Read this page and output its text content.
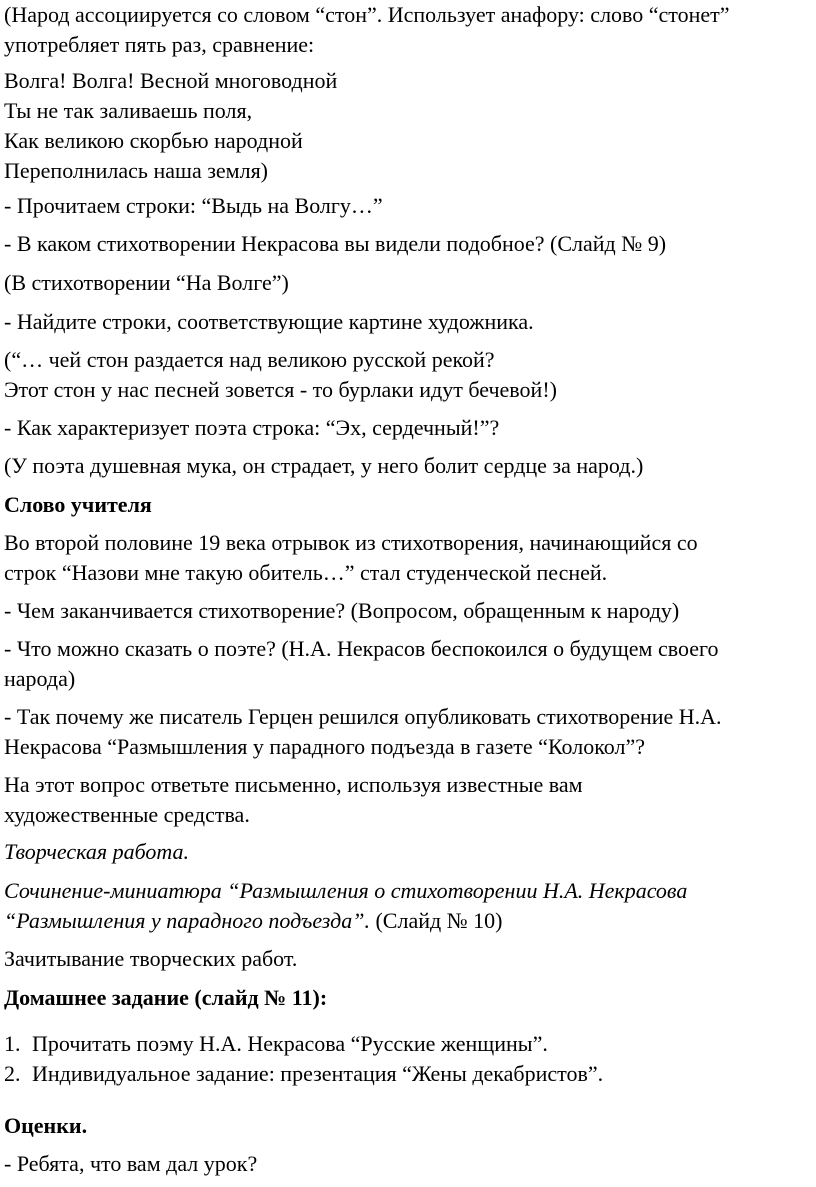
(Народ ассоциируется со словом “стон”. Использует анафору: слово “стонет”
употребляет пять раз, сравнение:

Волга! Волга! Весной многоводной
Ты не так заливаешь поля,
Как великою скорбью народной
Переполнилась наша земля)

- Прочитаем строки: “Выдь на Волгу…”

- В каком стихотворении Некрасова вы видели подобное? (Слайд № 9)

(В стихотворении “На Волге”)

- Найдите строки, соответствующие картине художника.

(“… чей стон раздается над великою русской рекой?
Этот стон у нас песней зовется - то бурлаки идут бечевой!)

- Как характеризует поэта строка: “Эх, сердечный!”?

(У поэта душевная мука, он страдает, у него болит сердце за народ.)

Слово учителя

Во второй половине 19 века отрывок из стихотворения, начинающийся со
строк “Назови мне такую обитель…” стал студенческой песней.

- Чем заканчивается стихотворение? (Вопросом, обращенным к народу)

- Что можно сказать о поэте? (Н.А. Некрасов беспокоился о будущем своего
народа)

- Так почему же писатель Герцен решился опубликовать стихотворение Н.А.
Некрасова “Размышления у парадного подъезда в газете “Колокол”?

На этот вопрос ответьте письменно, используя известные вам
художественные средства.

Творческая работа.

Сочинение-миниатюра “Размышления о стихотворении Н.А. Некрасова
“Размышления у парадного подъезда”. (Слайд № 10)

Зачитывание творческих работ.

Домашнее задание (слайд № 11):

1. Прочитать поэму Н.А. Некрасова “Русские женщины”.
2. Индивидуальное задание: презентация “Жены декабристов”.

Оценки.

- Ребята, что вам дал урок?
